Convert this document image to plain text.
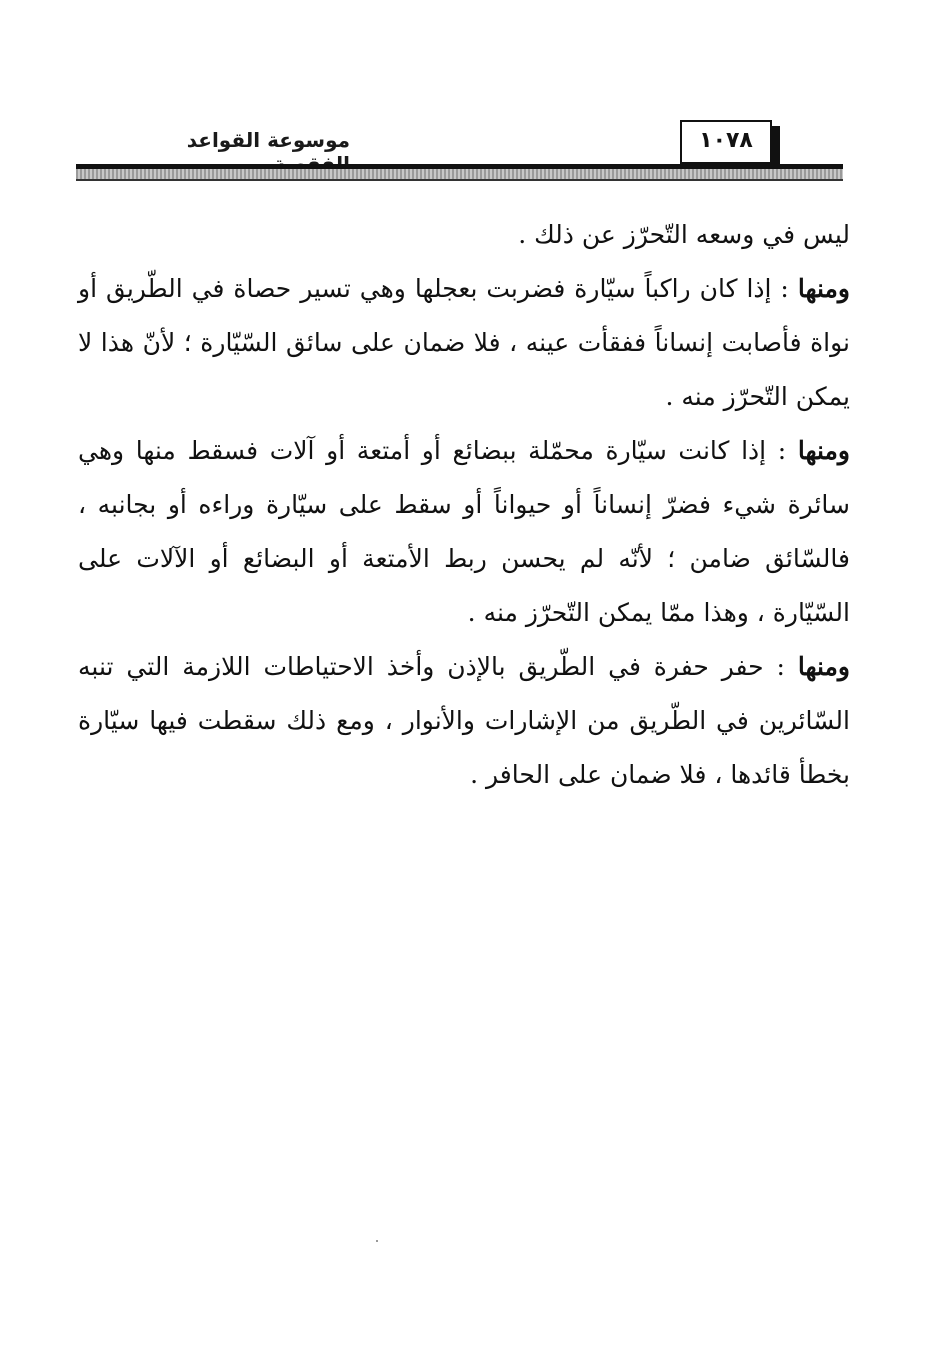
موسوعة القواعد	١٠٧٨

ليس في وسعه التّحرّز عن ذلك .

ومنها : إذا كان راكباً سيّارة فضربت بعجلها وهي تسير حصاة في الطّريق أو نواة فأصابت إنساناً ففقأت عينه ، فلا ضمان على سائق السّيّارة ؛ لأنّ هذا لا يمكن التّحرّز منه .

ومنها : إذا كانت سيّارة محمّلة ببضائع أو أمتعة أو آلات فسقط منها وهي سائرة شيء فضرّ إنساناً أو حيواناً أو سقط على سيّارة وراءه أو بجانبه ، فالسّائق ضامن ؛ لأنّه لم يحسن ربط الأمتعة أو البضائع أو الآلات على السّيّارة ، وهذا ممّا يمكن التّحرّز منه .

ومنها : حفر حفرة في الطّريق بالإذن وأخذ الاحتياطات اللازمة التي تنبه السّائرين في الطّريق من الإشارات والأنوار ، ومع ذلك سقطت فيها سيّارة بخطأ قائدها ، فلا ضمان على الحافر .
